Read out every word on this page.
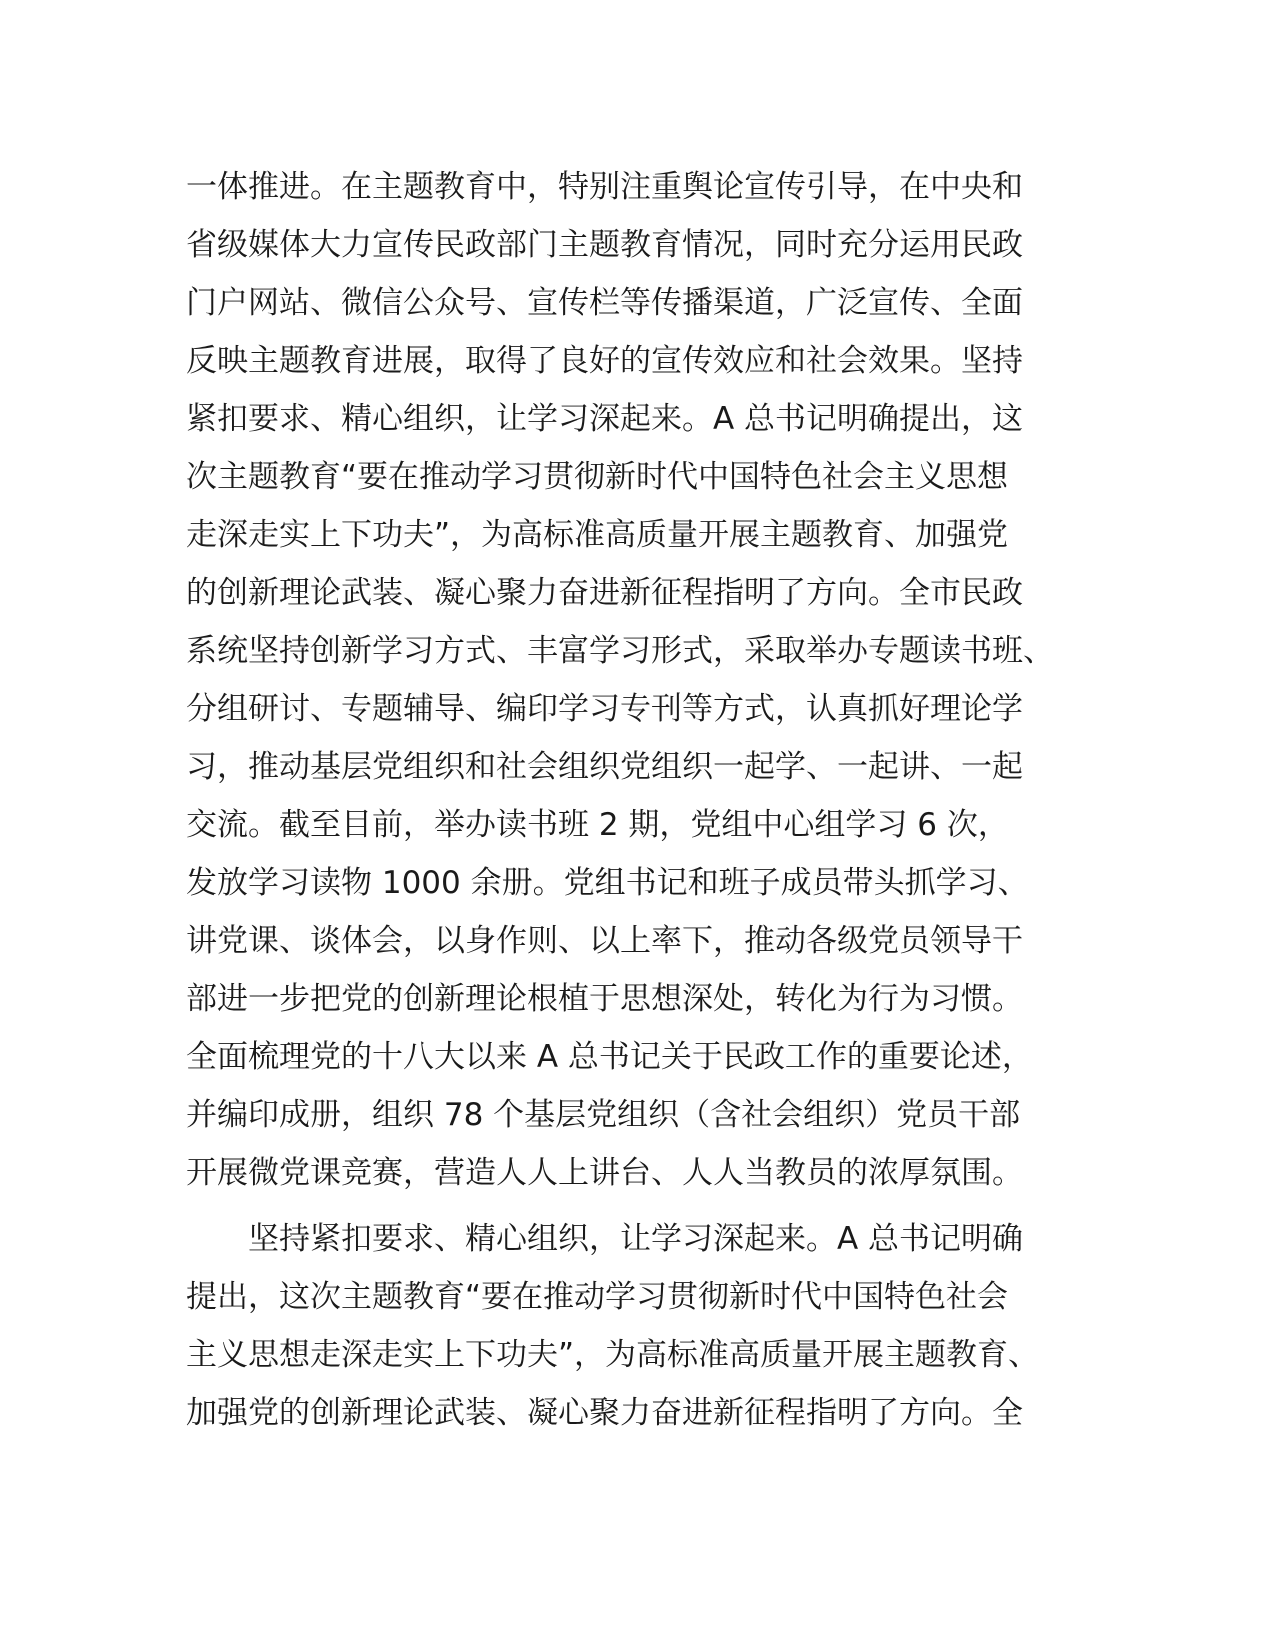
一体推进。在主题教育中，特别注重舆论宣传引导，在中央和
省级媒体大力宣传民政部门主题教育情况，同时充分运用民政
门户网站、微信公众号、宣传栏等传播渠道，广泛宣传、全面
反映主题教育进展，取得了良好的宣传效应和社会效果。坚持
紧扣要求、精心组织，让学习深起来。A 总书记明确提出，这
次主题教育“要在推动学习贯彻新时代中国特色社会主义思想
走深走实上下功夫”，为高标准高质量开展主题教育、加强党
的创新理论武装、凝心聚力奋进新征程指明了方向。全市民政
系统坚持创新学习方式、丰富学习形式，采取举办专题读书班、
分组研讨、专题辅导、编印学习专刊等方式，认真抓好理论学
习，推动基层党组织和社会组织党组织一起学、一起讲、一起
交流。截至目前，举办读书班 2 期，党组中心组学习 6 次，
发放学习读物 1000 余册。党组书记和班子成员带头抓学习、
讲党课、谈体会，以身作则、以上率下，推动各级党员领导干
部进一步把党的创新理论根植于思想深处，转化为行为习惯。
全面梳理党的十八大以来 A 总书记关于民政工作的重要论述，
并编印成册，组织 78 个基层党组织（含社会组织）党员干部
开展微党课竞赛，营造人人上讲台、人人当教员的浓厚氛围。
　　坚持紧扣要求、精心组织，让学习深起来。A 总书记明确
提出，这次主题教育“要在推动学习贯彻新时代中国特色社会
主义思想走深走实上下功夫”，为高标准高质量开展主题教育、
加强党的创新理论武装、凝心聚力奋进新征程指明了方向。全
